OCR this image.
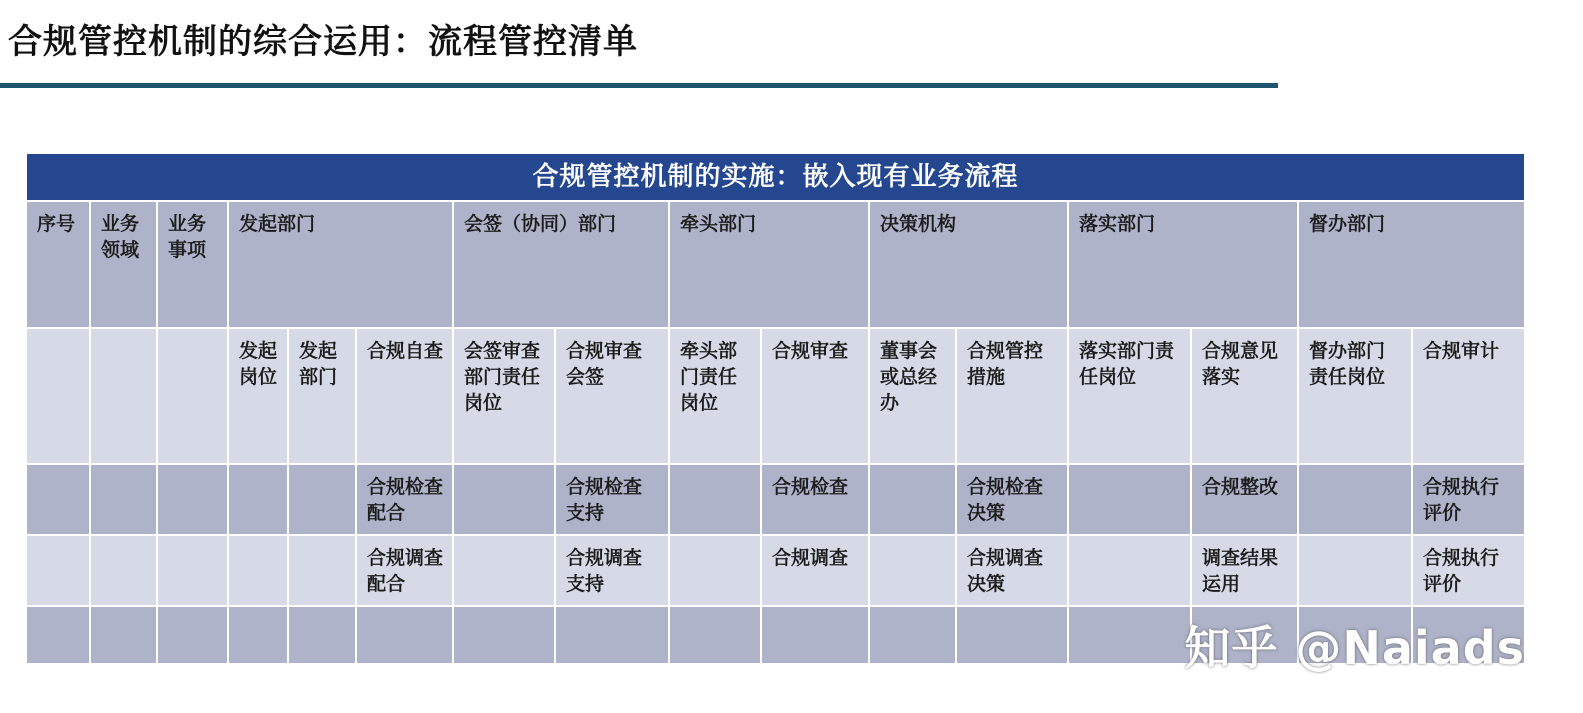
合规管控机制的综合运用：流程管控清单
合规管控机制的实施：嵌入现有业务流程															
序号	业务领域	业务事项	发起部门			会签（协同）部门		牵头部门		决策机构		落实部门		督办部门	
			发起岗位	发起部门	合规自查	会签审查部门责任岗位	合规审查会签	牵头部门责任岗位	合规审查	董事会或总经办	合规管控措施	落实部门责任岗位	合规意见落实	督办部门责任岗位	合规审计
					合规检查配合		合规检查支持		合规检查		合规检查决策		合规整改		合规执行评价
					合规调查配合		合规调查支持		合规调查		合规调查决策		调查结果运用		合规执行评价

知乎 @Naiads
